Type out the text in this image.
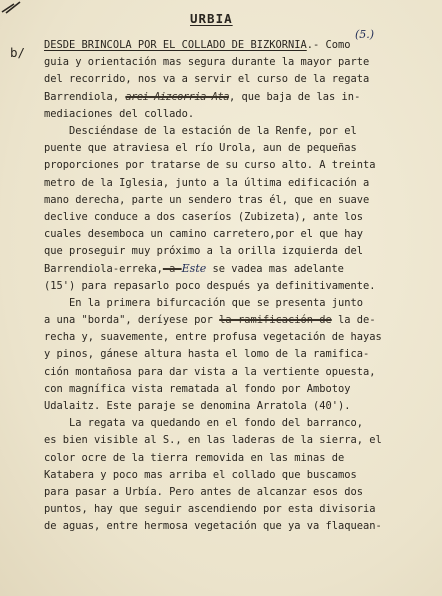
URBIA
b/
(5.)
DESDE BRINCOLA POR EL COLLADO DE BIZKORNIA.- Como
guia y orientación mas segura durante la mayor parte
del recorrido, nos va a servir el curso de la regata
Barrendiola, arei Aizcorria Ata, que baja de las in-
mediaciones del collado.
Desciéndase de la estación de la Renfe, por el
puente que atraviesa el río Urola, aun de pequeñas
proporciones por tratarse de su curso alto. A treinta
metro de la Iglesia, junto a la última edificación a
mano derecha, parte un sendero tras él, que en suave
declive conduce a dos caseríos (Zubizeta), ante los
cuales desemboca un camino carretero,por el que hay
que proseguir muy próximo a la orilla izquierda del
Barrendiola-erreka, a Este se vadea mas adelante
(15') para repasarlo poco después ya definitivamente.
En la primera bifurcación que se presenta junto
a una "borda", deríyese por la ramificación de la de-
recha y, suavemente, entre profusa vegetación de hayas
y pinos, gánese altura hasta el lomo de la ramifica-
ción montañosa para dar vista a la vertiente opuesta,
con magnífica vista rematada al fondo por Ambotoy
Udalaitz. Este paraje se denomina Arratola (40').
La regata va quedando en el fondo del barranco,
es bien visible al S., en las laderas de la sierra, el
color ocre de la tierra removida en las minas de
Katabera y poco mas arriba el collado que buscamos
para pasar a Urbía. Pero antes de alcanzar esos dos
puntos, hay que seguir ascendiendo por esta divisoria
de aguas, entre hermosa vegetación que ya va flaquean-
